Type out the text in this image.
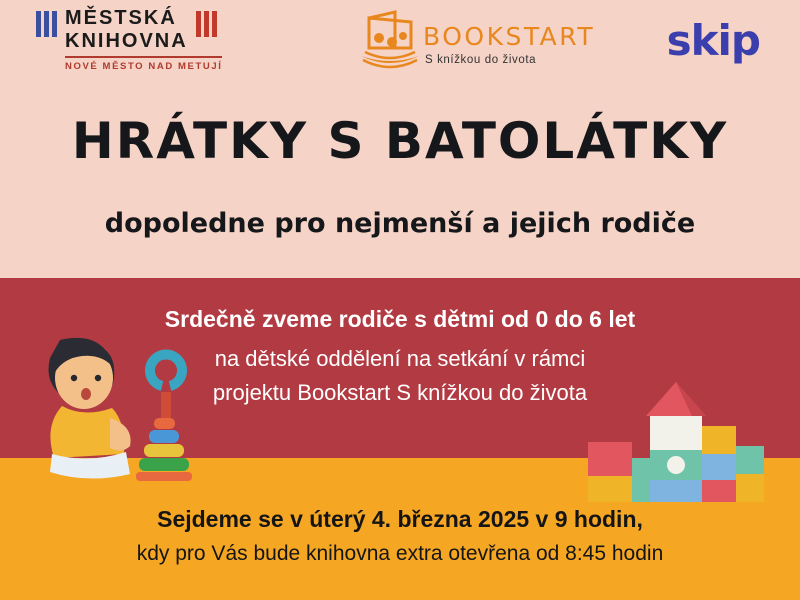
MĚSTSKÁ
KNIHOVNA
NOVÉ MĚSTO NAD METUJÍ
BOOKSTART
S knížkou do života	skip
HRÁTKY S BATOLÁTKY
dopoledne pro nejmenší a jejich rodiče
Srdečně zveme rodiče s dětmi od 0 do 6 let
na dětské oddělení na setkání v rámci
projektu Bookstart S knížkou do života
Sejdeme se v úterý 4. března 2025 v 9 hodin,
kdy pro Vás bude knihovna extra otevřena od 8:45 hodin
